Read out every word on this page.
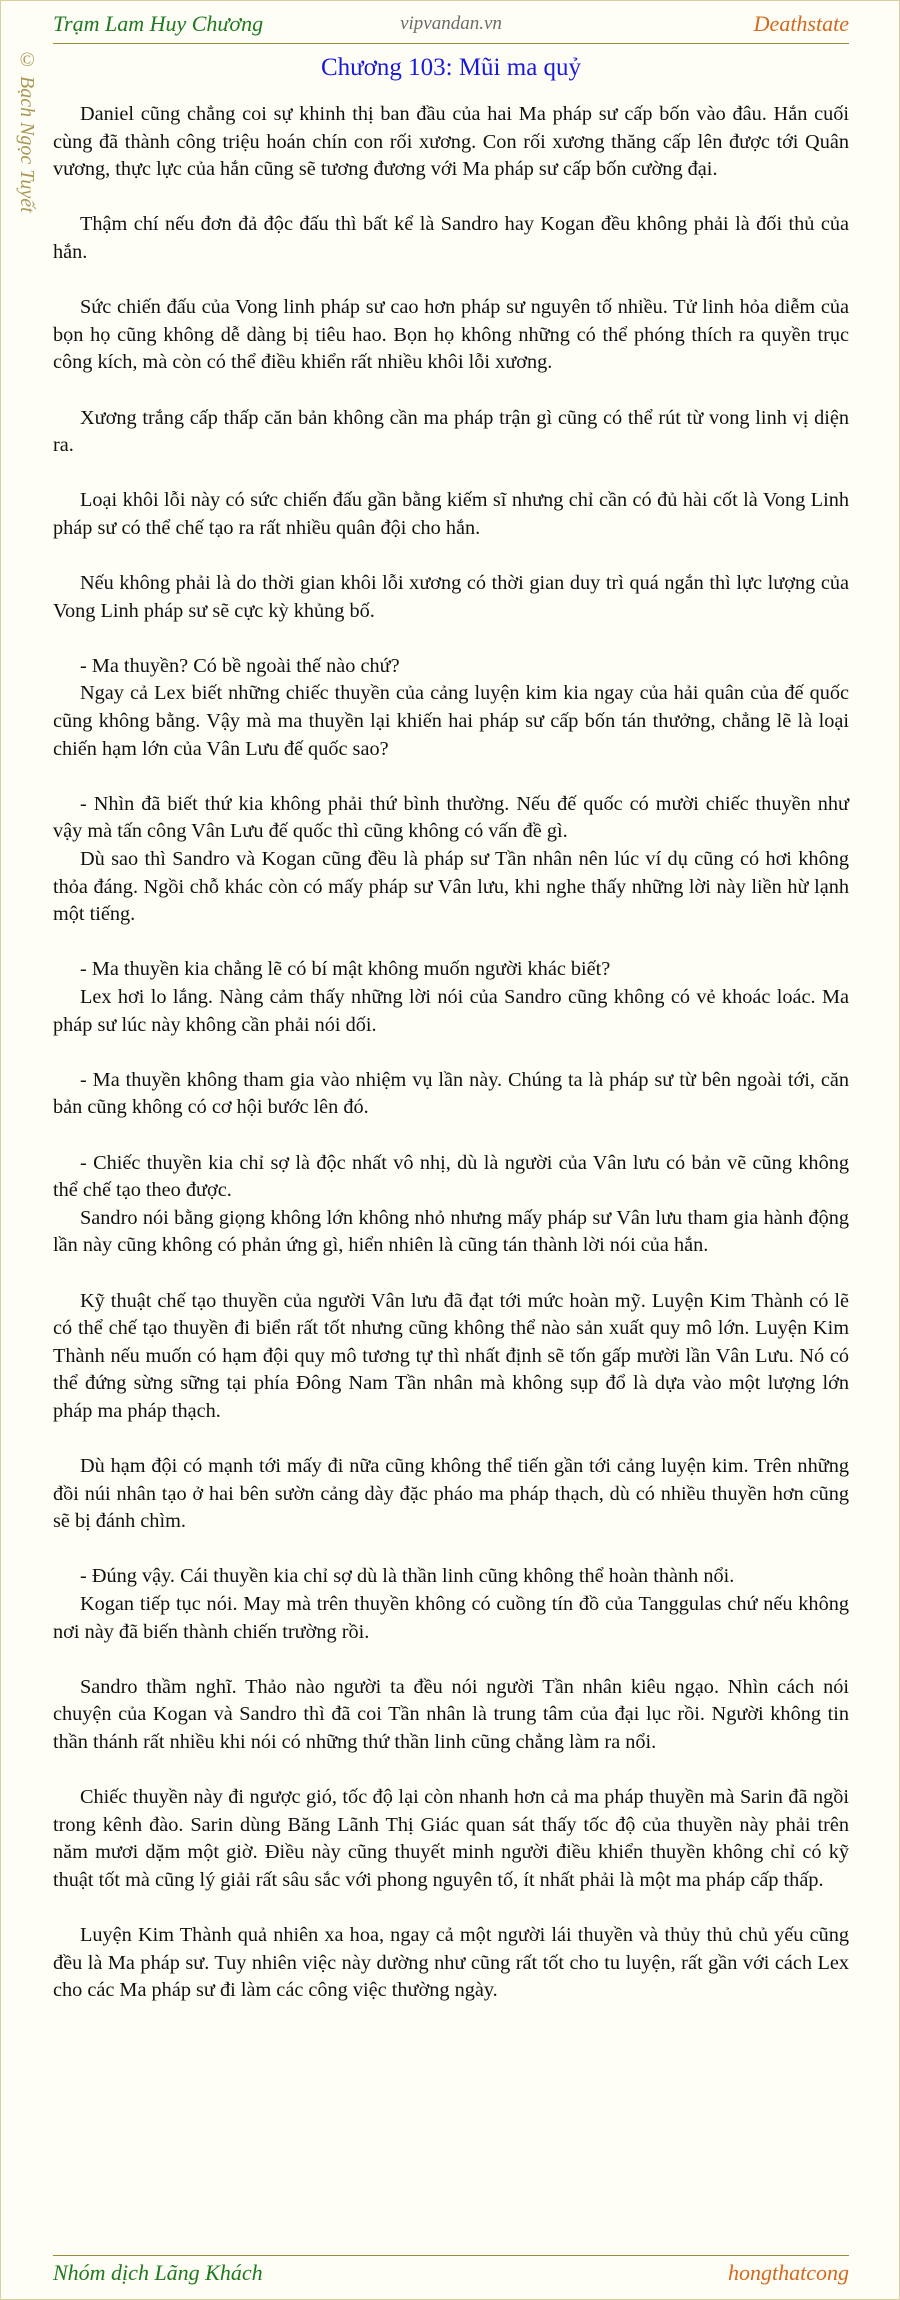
Trạm Lam Huy Chương	vipvandan.vn	Deathstate
© Bạch Ngọc Tuyết	Chương 103: Mũi ma quỷ

Daniel cũng chẳng coi sự khinh thị ban đầu của hai Ma pháp sư cấp bốn vào đâu. Hắn cuối cùng đã thành công triệu hoán chín con rối xương. Con rối xương thăng cấp lên được tới Quân vương, thực lực của hắn cũng sẽ tương đương với Ma pháp sư cấp bốn cường đại.

Thậm chí nếu đơn đả độc đấu thì bất kể là Sandro hay Kogan đều không phải là đối thủ của hắn.

Sức chiến đấu của Vong linh pháp sư cao hơn pháp sư nguyên tố nhiều. Tử linh hỏa diễm của bọn họ cũng không dễ dàng bị tiêu hao. Bọn họ không những có thể phóng thích ra quyền trục công kích, mà còn có thể điều khiển rất nhiều khôi lỗi xương.

Xương trắng cấp thấp căn bản không cần ma pháp trận gì cũng có thể rút từ vong linh vị diện ra.

Loại khôi lỗi này có sức chiến đấu gần bằng kiếm sĩ nhưng chỉ cần có đủ hài cốt là Vong Linh pháp sư có thể chế tạo ra rất nhiều quân đội cho hắn.

Nếu không phải là do thời gian khôi lỗi xương có thời gian duy trì quá ngắn thì lực lượng của Vong Linh pháp sư sẽ cực kỳ khủng bố.

- Ma thuyền? Có bề ngoài thế nào chứ?

Ngay cả Lex biết những chiếc thuyền của cảng luyện kim kia ngay của hải quân của đế quốc cũng không bằng. Vậy mà ma thuyền lại khiến hai pháp sư cấp bốn tán thưởng, chẳng lẽ là loại chiến hạm lớn của Vân Lưu đế quốc sao?

- Nhìn đã biết thứ kia không phải thứ bình thường. Nếu đế quốc có mười chiếc thuyền như vậy mà tấn công Vân Lưu đế quốc thì cũng không có vấn đề gì.

Dù sao thì Sandro và Kogan cũng đều là pháp sư Tần nhân nên lúc ví dụ cũng có hơi không thỏa đáng. Ngồi chỗ khác còn có mấy pháp sư Vân lưu, khi nghe thấy những lời này liền hừ lạnh một tiếng.

- Ma thuyền kia chẳng lẽ có bí mật không muốn người khác biết?

Lex hơi lo lắng. Nàng cảm thấy những lời nói của Sandro cũng không có vẻ khoác loác. Ma pháp sư lúc này không cần phải nói dối.

- Ma thuyền không tham gia vào nhiệm vụ lần này. Chúng ta là pháp sư từ bên ngoài tới, căn bản cũng không có cơ hội bước lên đó.

- Chiếc thuyền kia chỉ sợ là độc nhất vô nhị, dù là người của Vân lưu có bản vẽ cũng không thể chế tạo theo được.

Sandro nói bằng giọng không lớn không nhỏ nhưng mấy pháp sư Vân lưu tham gia hành động lần này cũng không có phản ứng gì, hiển nhiên là cũng tán thành lời nói của hắn.

Kỹ thuật chế tạo thuyền của người Vân lưu đã đạt tới mức hoàn mỹ. Luyện Kim Thành có lẽ có thể chế tạo thuyền đi biển rất tốt nhưng cũng không thể nào sản xuất quy mô lớn. Luyện Kim Thành nếu muốn có hạm đội quy mô tương tự thì nhất định sẽ tốn gấp mười lần Vân Lưu. Nó có thể đứng sừng sững tại phía Đông Nam Tần nhân mà không sụp đổ là dựa vào một lượng lớn pháp ma pháp thạch.

Dù hạm đội có mạnh tới mấy đi nữa cũng không thể tiến gần tới cảng luyện kim. Trên những đồi núi nhân tạo ở hai bên sườn cảng dày đặc pháo ma pháp thạch, dù có nhiều thuyền hơn cũng sẽ bị đánh chìm.

- Đúng vậy. Cái thuyền kia chỉ sợ dù là thần linh cũng không thể hoàn thành nổi.

Kogan tiếp tục nói. May mà trên thuyền không có cuồng tín đồ của Tanggulas chứ nếu không nơi này đã biến thành chiến trường rồi.

Sandro thầm nghĩ. Thảo nào người ta đều nói người Tần nhân kiêu ngạo. Nhìn cách nói chuyện của Kogan và Sandro thì đã coi Tần nhân là trung tâm của đại lục rồi. Người không tin thần thánh rất nhiều khi nói có những thứ thần linh cũng chẳng làm ra nổi.

Chiếc thuyền này đi ngược gió, tốc độ lại còn nhanh hơn cả ma pháp thuyền mà Sarin đã ngồi trong kênh đào. Sarin dùng Băng Lãnh Thị Giác quan sát thấy tốc độ của thuyền này phải trên năm mươi dặm một giờ. Điều này cũng thuyết minh người điều khiển thuyền không chỉ có kỹ thuật tốt mà cũng lý giải rất sâu sắc với phong nguyên tố, ít nhất phải là một ma pháp cấp thấp.

Luyện Kim Thành quả nhiên xa hoa, ngay cả một người lái thuyền và thủy thủ chủ yếu cũng đều là Ma pháp sư. Tuy nhiên việc này dường như cũng rất tốt cho tu luyện, rất gần với cách Lex cho các Ma pháp sư đi làm các công việc thường ngày.

Nhóm dịch Lãng Khách	hongthatcong
